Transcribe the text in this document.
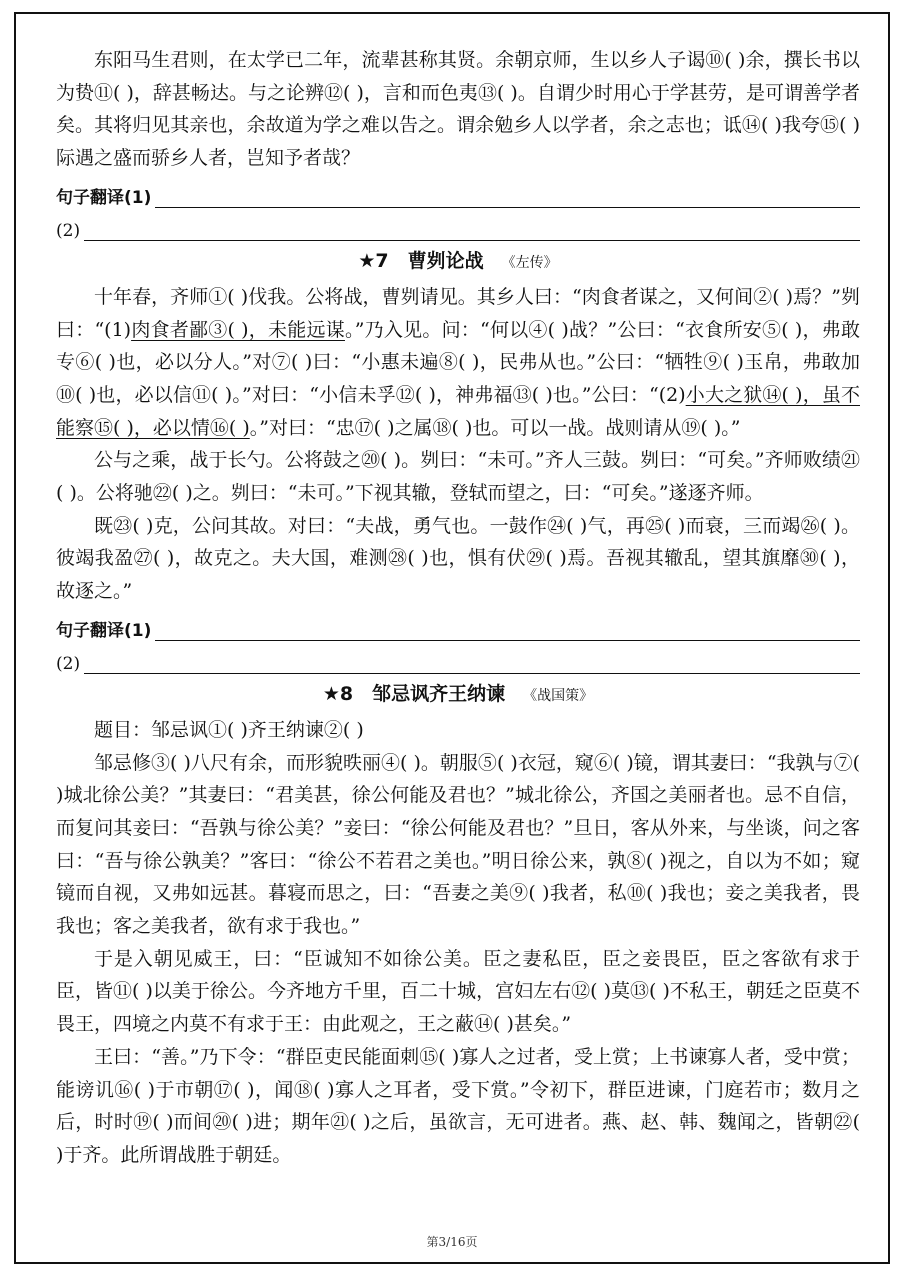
东阳马生君则，在太学已二年，流辈甚称其贤。余朝京师，生以乡人子谒⑩( )余，撰长书以为贽⑪( )，辞甚畅达。与之论辨⑫( )，言和而色夷⑬( )。自谓少时用心于学甚劳，是可谓善学者矣。其将归见其亲也，余故道为学之难以告之。谓余勉乡人以学者，余之志也；诋⑭( )我夸⑮( )际遇之盛而骄乡人者，岂知予者哉？

句子翻译(1)
(2)
★7　曹刿论战 《左传》

十年春，齐师①( )伐我。公将战，曹刿请见。其乡人曰：“肉食者谋之，又何间②( )焉？”刿曰：“(1)肉食者鄙③( )，未能远谋。”乃入见。问：“何以④( )战？”公曰：“衣食所安⑤( )，弗敢专⑥( )也，必以分人。”对⑦( )曰：“小惠未遍⑧( )，民弗从也。”公曰：“牺牲⑨( )玉帛，弗敢加⑩( )也，必以信⑪( )。”对曰：“小信未孚⑫( )，神弗福⑬( )也。”公曰：“(2)小大之狱⑭( )，虽不能察⑮( )，必以情⑯( )。”对曰：“忠⑰( )之属⑱( )也。可以一战。战则请从⑲( )。”

公与之乘，战于长勺。公将鼓之⑳( )。刿曰：“未可。”齐人三鼓。刿曰：“可矣。”齐师败绩㉑( )。公将驰㉒( )之。刿曰：“未可。”下视其辙，登轼而望之，曰：“可矣。”遂逐齐师。

既㉓( )克，公问其故。对曰：“夫战，勇气也。一鼓作㉔( )气，再㉕( )而衰，三而竭㉖( )。彼竭我盈㉗( )，故克之。夫大国，难测㉘( )也，惧有伏㉙( )焉。吾视其辙乱，望其旗靡㉚( )，故逐之。”

句子翻译(1)
(2)
★8　邹忌讽齐王纳谏 《战国策》

题目：邹忌讽①( )齐王纳谏②( )

邹忌修③( )八尺有余，而形貌昳丽④( )。朝服⑤( )衣冠，窥⑥( )镜，谓其妻曰：“我孰与⑦( )城北徐公美？”其妻曰：“君美甚，徐公何能及君也？”城北徐公，齐国之美丽者也。忌不自信，而复问其妾曰：“吾孰与徐公美？”妾曰：“徐公何能及君也？”旦日，客从外来，与坐谈，问之客曰：“吾与徐公孰美？”客曰：“徐公不若君之美也。”明日徐公来，孰⑧( )视之，自以为不如；窥镜而自视，又弗如远甚。暮寝而思之，曰：“吾妻之美⑨( )我者，私⑩( )我也；妾之美我者，畏我也；客之美我者，欲有求于我也。”

于是入朝见威王，曰：“臣诚知不如徐公美。臣之妻私臣，臣之妾畏臣，臣之客欲有求于臣，皆⑪( )以美于徐公。今齐地方千里，百二十城，宫妇左右⑫( )莫⑬( )不私王，朝廷之臣莫不畏王，四境之内莫不有求于王：由此观之，王之蔽⑭( )甚矣。”

王曰：“善。”乃下令：“群臣吏民能面刺⑮( )寡人之过者，受上赏；上书谏寡人者，受中赏；能谤讥⑯( )于市朝⑰( )，闻⑱( )寡人之耳者，受下赏。”令初下，群臣进谏，门庭若市；数月之后，时时⑲( )而间⑳( )进；期年㉑( )之后，虽欲言，无可进者。燕、赵、韩、魏闻之，皆朝㉒( )于齐。此所谓战胜于朝廷。

第3/16页
